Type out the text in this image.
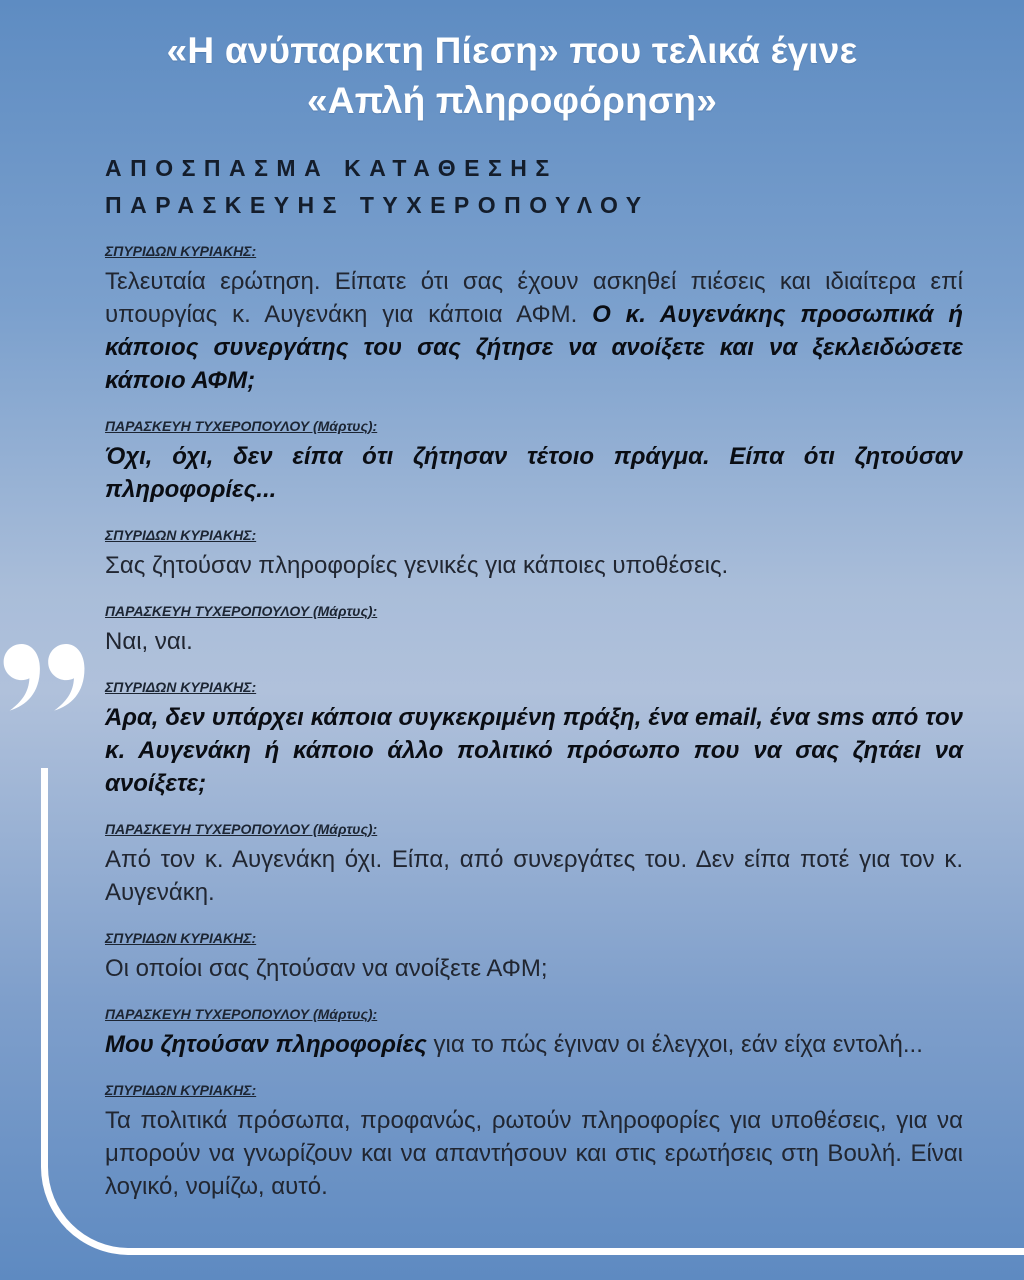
«Η ανύπαρκτη Πίεση» που τελικά έγινε
«Απλή πληροφόρηση»
ΑΠΟΣΠΑΣΜΑ ΚΑΤΑΘΕΣΗΣ
ΠΑΡΑΣΚΕΥΗΣ ΤΥΧΕΡΟΠΟΥΛΟΥ
ΣΠΥΡΙΔΩΝ ΚΥΡΙΑΚΗΣ:
Τελευταία ερώτηση. Είπατε ότι σας έχουν ασκηθεί πιέσεις και ιδιαίτερα επί υπουργίας κ. Αυγενάκη για κάποια ΑΦΜ. Ο κ. Αυγενάκης προσωπικά ή κάποιος συνεργάτης του σας ζήτησε να ανοίξετε και να ξεκλειδώσετε κάποιο ΑΦΜ;
ΠΑΡΑΣΚΕΥΗ ΤΥΧΕΡΟΠΟΥΛΟΥ (Μάρτυς):
Όχι, όχι, δεν είπα ότι ζήτησαν τέτοιο πράγμα. Είπα ότι ζητούσαν πληροφορίες...
ΣΠΥΡΙΔΩΝ ΚΥΡΙΑΚΗΣ:
Σας ζητούσαν πληροφορίες γενικές για κάποιες υποθέσεις.
ΠΑΡΑΣΚΕΥΗ ΤΥΧΕΡΟΠΟΥΛΟΥ (Μάρτυς):
Ναι, ναι.
ΣΠΥΡΙΔΩΝ ΚΥΡΙΑΚΗΣ:
Άρα, δεν υπάρχει κάποια συγκεκριμένη πράξη, ένα email, ένα sms από τον κ. Αυγενάκη ή κάποιο άλλο πολιτικό πρόσωπο που να σας ζητάει να ανοίξετε;
ΠΑΡΑΣΚΕΥΗ ΤΥΧΕΡΟΠΟΥΛΟΥ (Μάρτυς):
Από τον κ. Αυγενάκη όχι. Είπα, από συνεργάτες του. Δεν είπα ποτέ για τον κ. Αυγενάκη.
ΣΠΥΡΙΔΩΝ ΚΥΡΙΑΚΗΣ:
Οι οποίοι σας ζητούσαν να ανοίξετε ΑΦΜ;
ΠΑΡΑΣΚΕΥΗ ΤΥΧΕΡΟΠΟΥΛΟΥ (Μάρτυς):
Μου ζητούσαν πληροφορίες για το πώς έγιναν οι έλεγχοι, εάν είχα εντολή...
ΣΠΥΡΙΔΩΝ ΚΥΡΙΑΚΗΣ:
Τα πολιτικά πρόσωπα, προφανώς, ρωτούν πληροφορίες για υποθέσεις, για να μπορούν να γνωρίζουν και να απαντήσουν και στις ερωτήσεις στη Βουλή. Είναι λογικό, νομίζω, αυτό.
